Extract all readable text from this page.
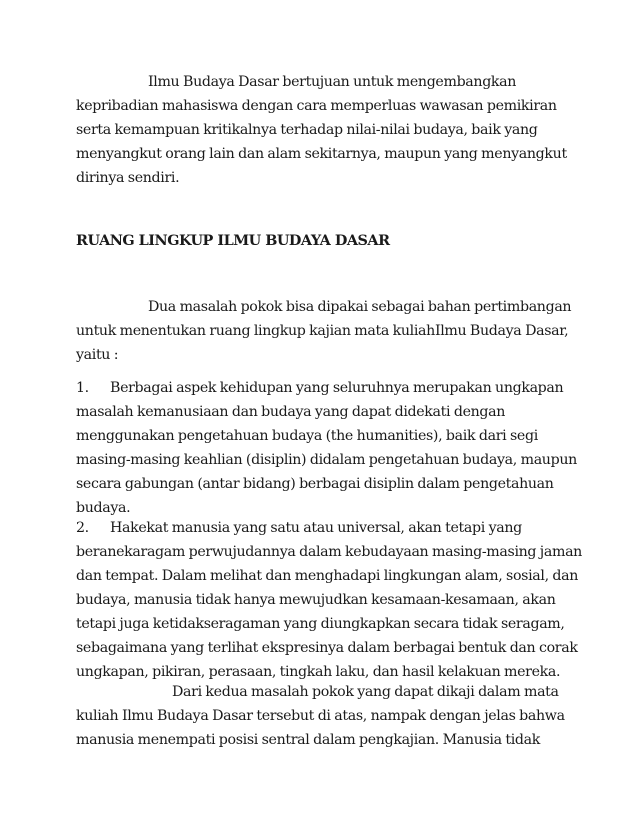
Ilmu Budaya Dasar bertujuan untuk mengembangkan

kepribadian mahasiswa dengan cara memperluas wawasan pemikiran

serta kemampuan kritikalnya terhadap nilai-nilai budaya, baik yang

menyangkut orang lain dan alam sekitarnya, maupun yang menyangkut

dirinya sendiri.

RUANG LINGKUP ILMU BUDAYA DASAR

Dua masalah pokok bisa dipakai sebagai bahan pertimbangan

untuk menentukan ruang lingkup kajian mata kuliahIlmu Budaya Dasar,

yaitu :

1. Berbagai aspek kehidupan yang seluruhnya merupakan ungkapan

masalah kemanusiaan dan budaya yang dapat didekati dengan

menggunakan pengetahuan budaya (the humanities), baik dari segi

masing-masing keahlian (disiplin) didalam pengetahuan budaya, maupun

secara gabungan (antar bidang) berbagai disiplin dalam pengetahuan

budaya.

2. Hakekat manusia yang satu atau universal, akan tetapi yang

beranekaragam perwujudannya dalam kebudayaan masing-masing jaman

dan tempat. Dalam melihat dan menghadapi lingkungan alam, sosial, dan

budaya, manusia tidak hanya mewujudkan kesamaan-kesamaan, akan

tetapi juga ketidakseragaman yang diungkapkan secara tidak seragam,

sebagaimana yang terlihat ekspresinya dalam berbagai bentuk dan corak

ungkapan, pikiran, perasaan, tingkah laku, dan hasil kelakuan mereka.

Dari kedua masalah pokok yang dapat dikaji dalam mata

kuliah Ilmu Budaya Dasar tersebut di atas, nampak dengan jelas bahwa

manusia menempati posisi sentral dalam pengkajian. Manusia tidak
